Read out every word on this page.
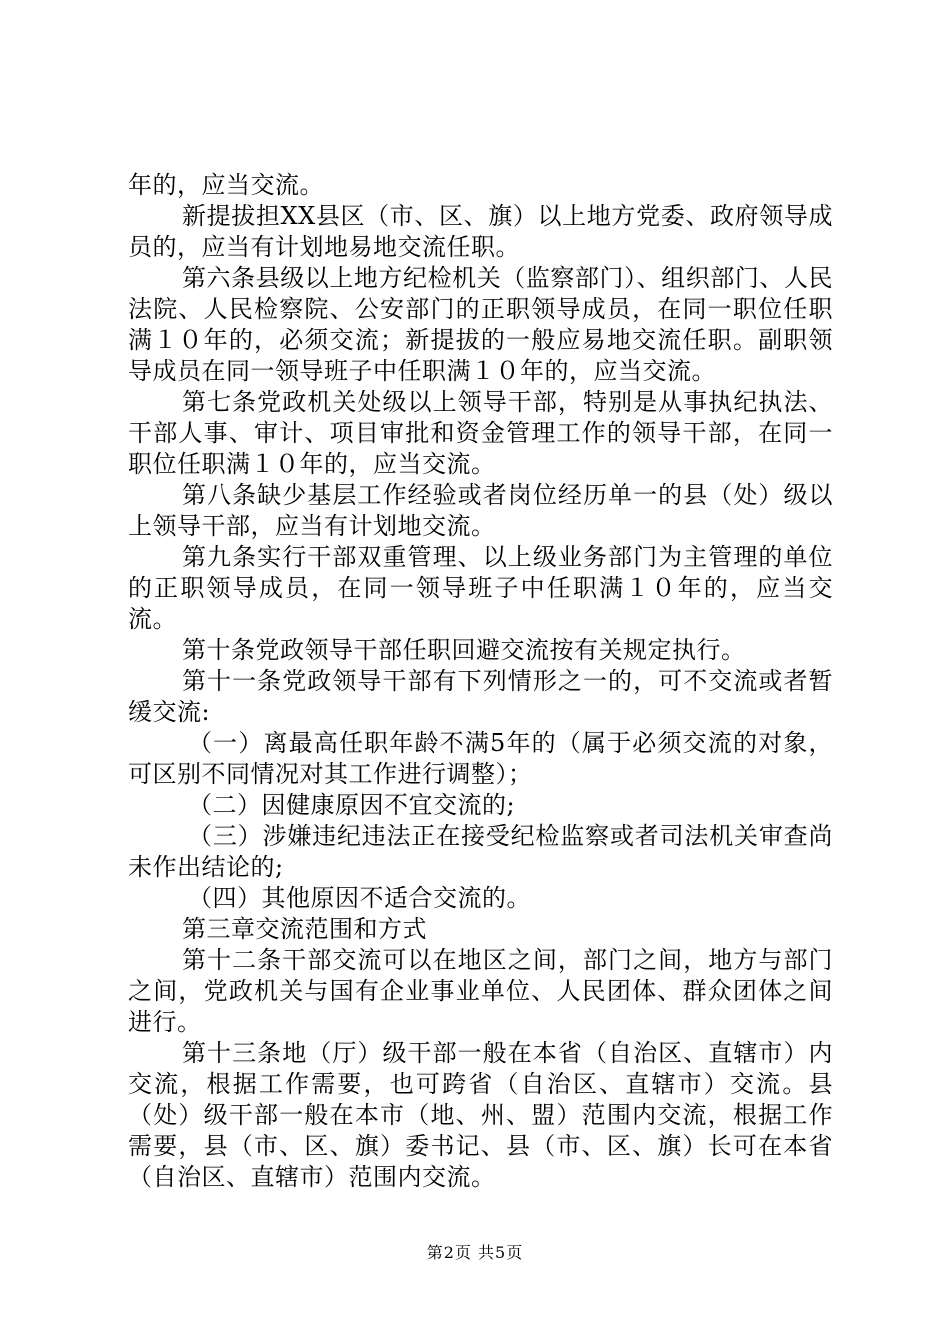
年的，应当交流。

新提拔担XX县区（市、区、旗）以上地方党委、政府领导成员的，应当有计划地易地交流任职。

第六条县级以上地方纪检机关（监察部门）、组织部门、人民法院、人民检察院、公安部门的正职领导成员，在同一职位任职满１０年的，必须交流；新提拔的一般应易地交流任职。副职领导成员在同一领导班子中任职满１０年的，应当交流。

第七条党政机关处级以上领导干部，特别是从事执纪执法、干部人事、审计、项目审批和资金管理工作的领导干部，在同一职位任职满１０年的，应当交流。

第八条缺少基层工作经验或者岗位经历单一的县（处）级以上领导干部，应当有计划地交流。

第九条实行干部双重管理、以上级业务部门为主管理的单位的正职领导成员，在同一领导班子中任职满１０年的，应当交流。

第十条党政领导干部任职回避交流按有关规定执行。

第十一条党政领导干部有下列情形之一的，可不交流或者暂缓交流:

（一）离最高任职年龄不满5年的（属于必须交流的对象，可区别不同情况对其工作进行调整）；

（二）因健康原因不宜交流的;

（三）涉嫌违纪违法正在接受纪检监察或者司法机关审查尚未作出结论的;

（四）其他原因不适合交流的。

第三章交流范围和方式

第十二条干部交流可以在地区之间，部门之间，地方与部门之间，党政机关与国有企业事业单位、人民团体、群众团体之间进行。

第十三条地（厅）级干部一般在本省（自治区、直辖市）内交流，根据工作需要，也可跨省（自治区、直辖市）交流。县（处）级干部一般在本市（地、州、盟）范围内交流，根据工作需要，县（市、区、旗）委书记、县（市、区、旗）长可在本省（自治区、直辖市）范围内交流。

第2页 共5页
